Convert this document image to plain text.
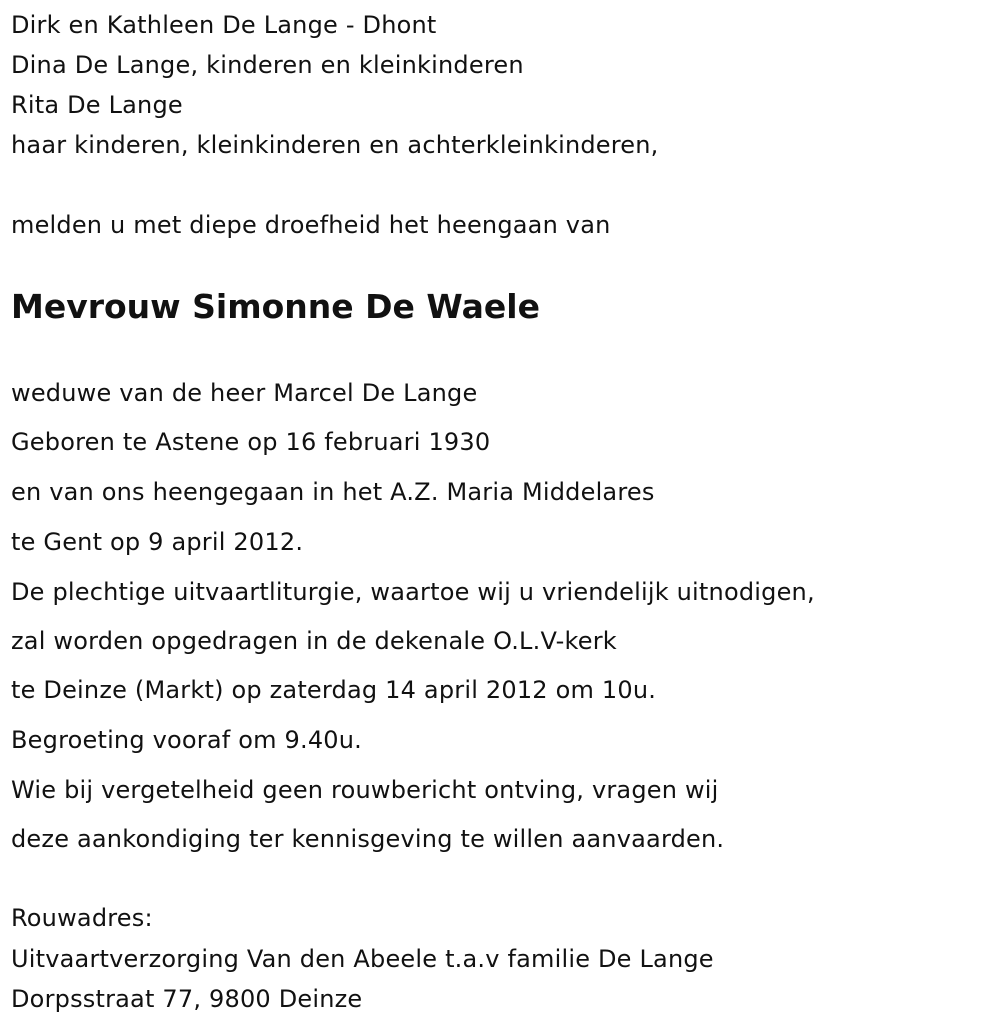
Dirk en Kathleen De Lange - Dhont
Dina De Lange, kinderen en kleinkinderen
Rita De Lange
haar kinderen, kleinkinderen en achterkleinkinderen,
melden u met diepe droefheid het heengaan van
Mevrouw Simonne De Waele
weduwe van de heer Marcel De Lange
Geboren te Astene op 16 februari 1930
en van ons heengegaan in het A.Z. Maria Middelares
te Gent op 9 april 2012.
De plechtige uitvaartliturgie, waartoe wij u vriendelijk uitnodigen,
zal worden opgedragen in de dekenale O.L.V-kerk
te Deinze (Markt) op zaterdag 14 april 2012 om 10u.
Begroeting vooraf om 9.40u.
Wie bij vergetelheid geen rouwbericht ontving, vragen wij
deze aankondiging ter kennisgeving te willen aanvaarden.
Rouwadres:
Uitvaartverzorging Van den Abeele t.a.v familie De Lange
Dorpsstraat 77, 9800 Deinze
